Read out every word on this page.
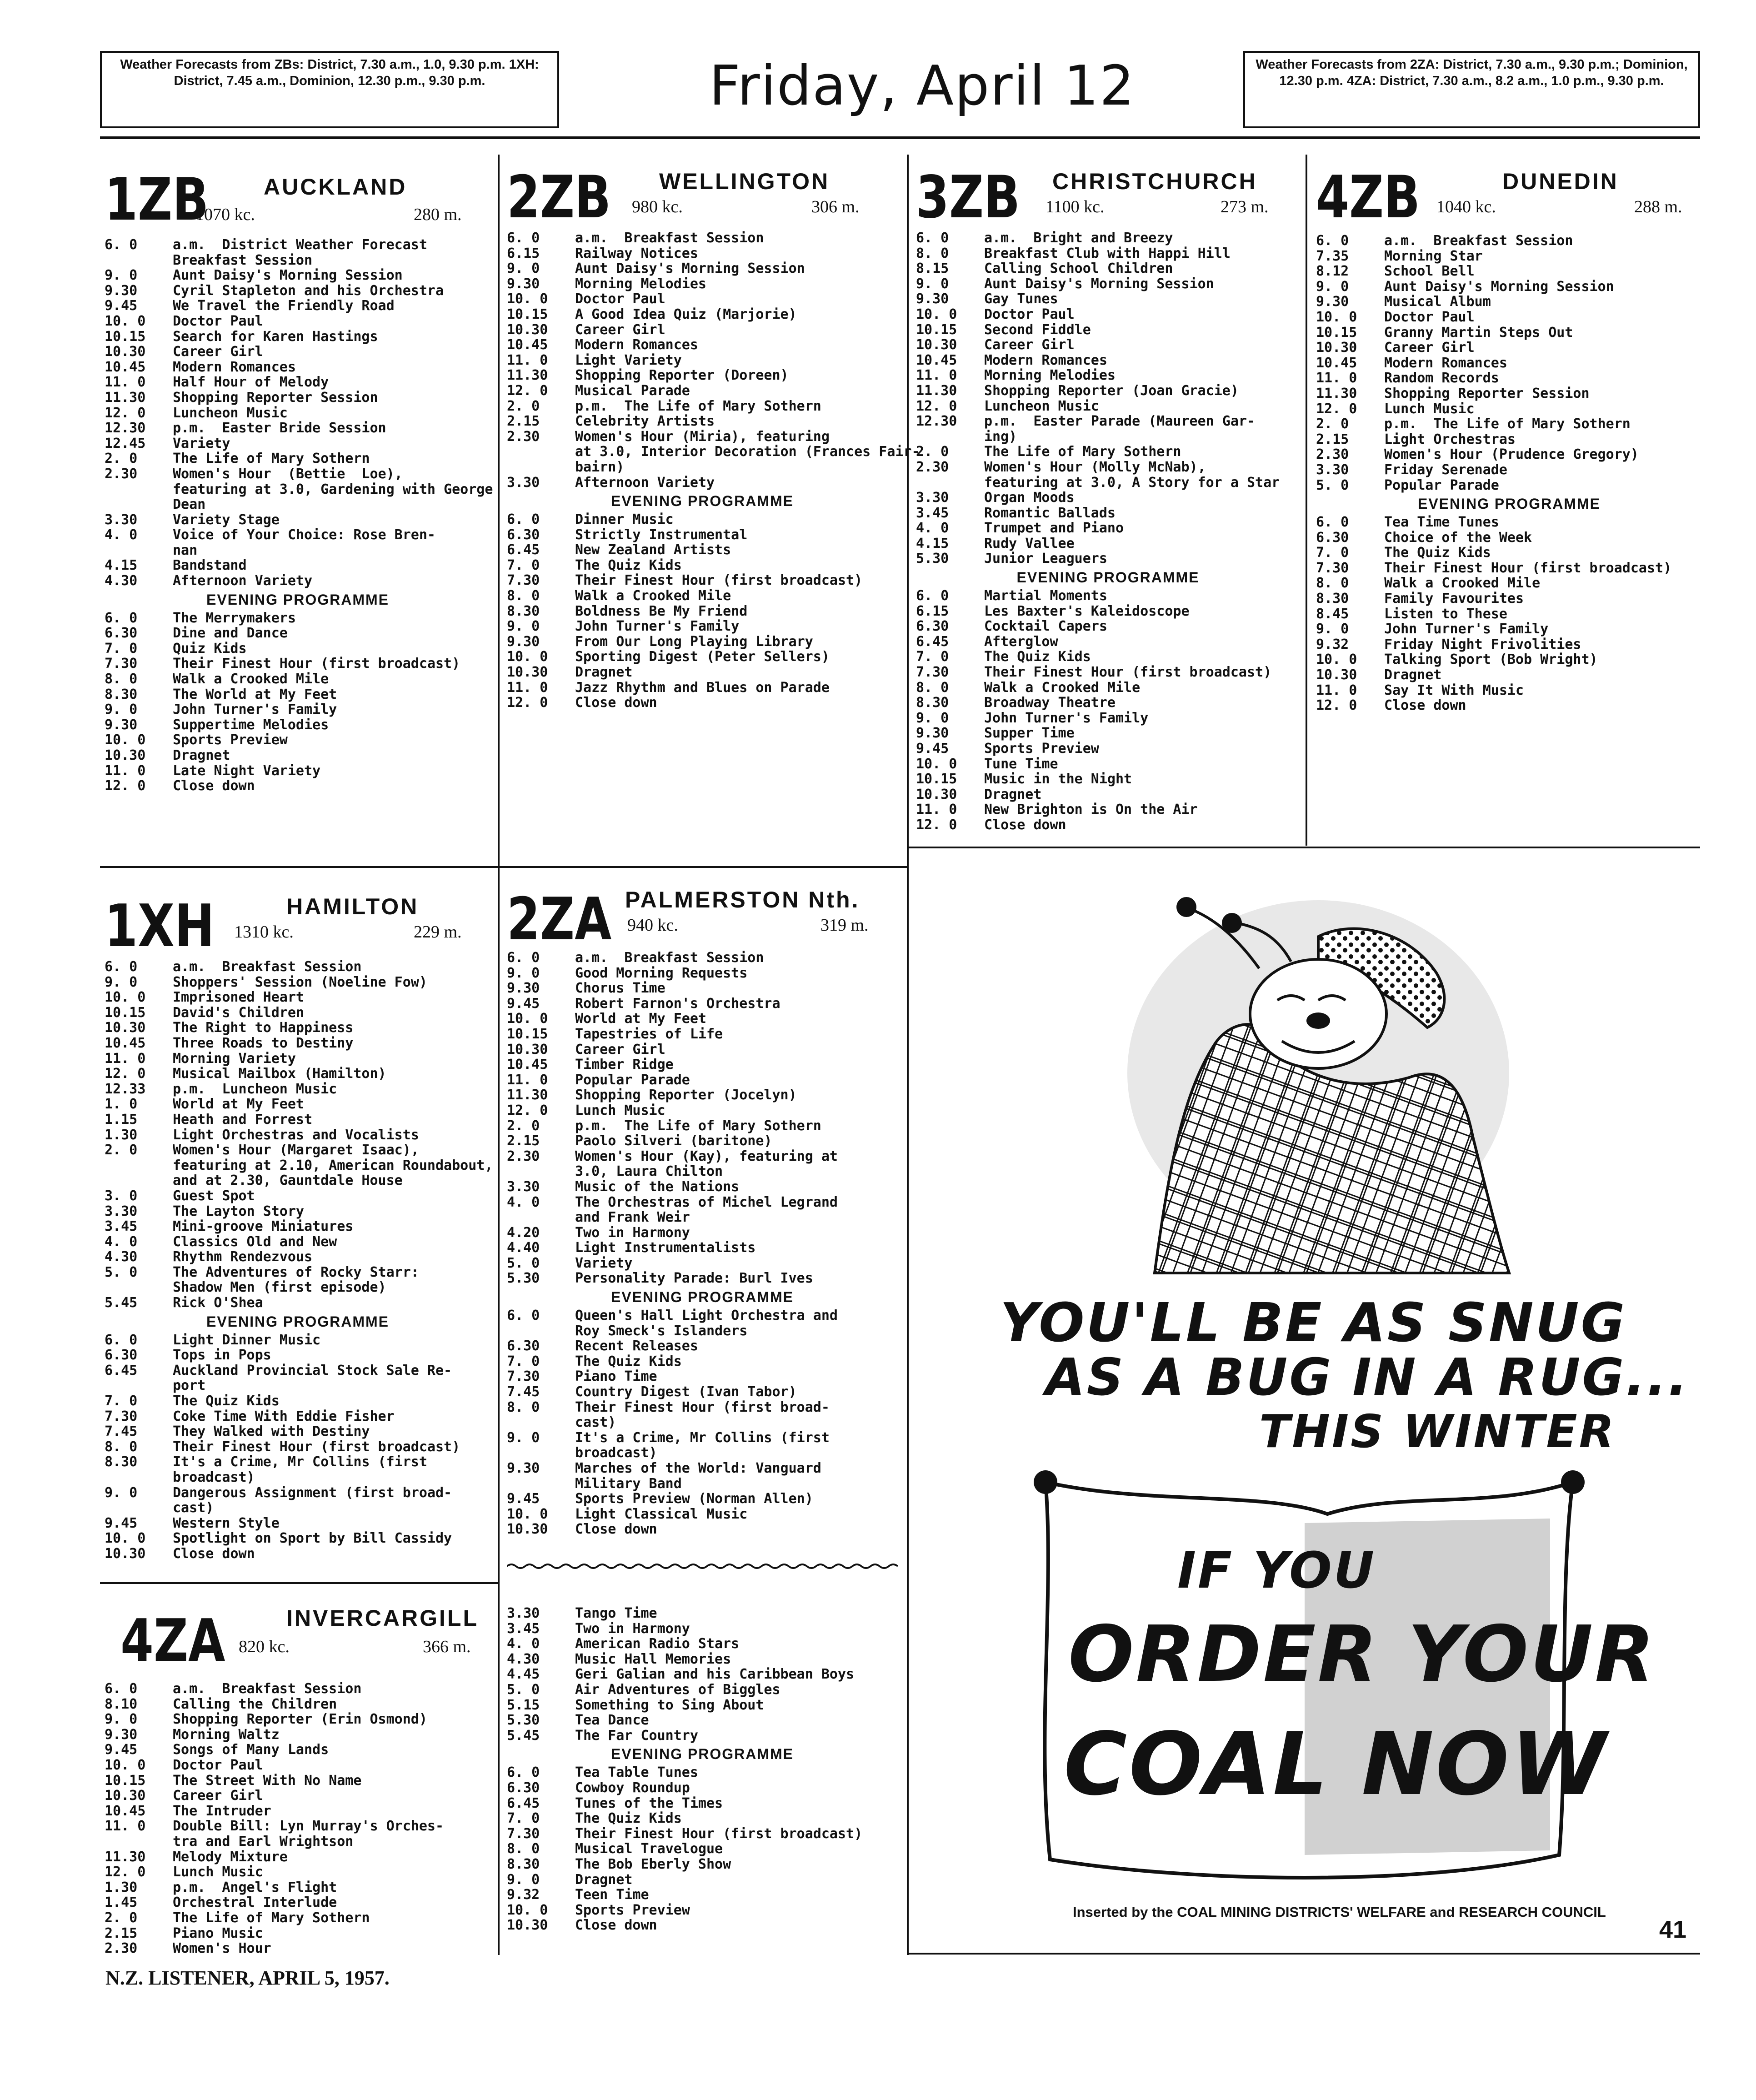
Weather Forecasts from ZBs: District, 7.30 a.m., 1.0, 9.30 p.m. 1XH: District, 7.45 a.m., Dominion, 12.30 p.m., 9.30 p.m.	Friday, April 12	Weather Forecasts from 2ZA: District, 7.30 a.m., 9.30 p.m.; Dominion, 12.30 p.m. 4ZA: District, 7.30 a.m., 8.2 a.m., 1.0 p.m., 9.30 p.m.
1ZB AUCKLAND
1070 kc.	280 m.
6. 0	a.m.  District Weather Forecast
Breakfast Session
9. 0	Aunt Daisy's Morning Session
9.30	Cyril Stapleton and his Orchestra
9.45	We Travel the Friendly Road
10. 0 Doctor Paul
10.15 Search for Karen Hastings
10.30 Career Girl
10.45 Modern Romances
11. 0 Half Hour of Melody
11.30 Shopping Reporter Session
12. 0 Luncheon Music
12.30 p.m.  Easter Bride Session
12.45 Variety
2. 0	The Life of Mary Sothern
2.30	Women's Hour  (Bettie  Loe),
featuring at 3.0, Gardening with George
Dean
3.30	Variety Stage
4. 0	Voice of Your Choice: Rose Bren-
nan
4.15	Bandstand
4.30	Afternoon Variety
EVENING PROGRAMME
6. 0	The Merrymakers
6.30	Dine and Dance
7. 0	Quiz Kids
7.30	Their Finest Hour (first broadcast)
8. 0	Walk a Crooked Mile
8.30	The World at My Feet
9. 0	John Turner's Family
9.30	Suppertime Melodies
10. 0 Sports Preview
10.30 Dragnet
11. 0 Late Night Variety
12. 0 Close down
2ZB WELLINGTON
980 kc.	306 m.
6. 0	a.m.  Breakfast Session
6.15	Railway Notices
9. 0	Aunt Daisy's Morning Session
9.30	Morning Melodies
10. 0 Doctor Paul
10.15 A Good Idea Quiz (Marjorie)
10.30 Career Girl
10.45 Modern Romances
11. 0 Light Variety
11.30 Shopping Reporter (Doreen)
12. 0 Musical Parade
2. 0	p.m.  The Life of Mary Sothern
2.15	Celebrity Artists
2.30	Women's Hour (Miria), featuring
at 3.0, Interior Decoration (Frances Fair-
bairn)
3.30	Afternoon Variety
EVENING PROGRAMME
6. 0	Dinner Music
6.30	Strictly Instrumental
6.45	New Zealand Artists
7. 0	The Quiz Kids
7.30	Their Finest Hour (first broadcast)
8. 0	Walk a Crooked Mile
8.30	Boldness Be My Friend
9. 0	John Turner's Family
9.30	From Our Long Playing Library
10. 0 Sporting Digest (Peter Sellers)
10.30 Dragnet
11. 0 Jazz Rhythm and Blues on Parade
12. 0 Close down
3ZB CHRISTCHURCH
1100 kc.	273 m.
6. 0	a.m.  Bright and Breezy
8. 0	Breakfast Club with Happi Hill
8.15	Calling School Children
9. 0	Aunt Daisy's Morning Session
9.30	Gay Tunes
10. 0 Doctor Paul
10.15 Second Fiddle
10.30 Career Girl
10.45 Modern Romances
11. 0 Morning Melodies
11.30 Shopping Reporter (Joan Gracie)
12. 0 Luncheon Music
12.30 p.m.  Easter Parade (Maureen Gar-
ing)
2. 0	The Life of Mary Sothern
2.30	Women's Hour (Molly McNab),
featuring at 3.0, A Story for a Star
3.30	Organ Moods
3.45	Romantic Ballads
4. 0	Trumpet and Piano
4.15	Rudy Vallee
5.30	Junior Leaguers
EVENING PROGRAMME
6. 0	Martial Moments
6.15	Les Baxter's Kaleidoscope
6.30	Cocktail Capers
6.45	Afterglow
7. 0	The Quiz Kids
7.30	Their Finest Hour (first broadcast)
8. 0	Walk a Crooked Mile
8.30	Broadway Theatre
9. 0	John Turner's Family
9.30	Supper Time
9.45	Sports Preview
10. 0 Tune Time
10.15 Music in the Night
10.30 Dragnet
11. 0 New Brighton is On the Air
12. 0 Close down
4ZB	DUNEDIN
1040 kc.	288 m.
6. 0	a.m.  Breakfast Session
7.35	Morning Star
8.12	School Bell
9. 0	Aunt Daisy's Morning Session
9.30	Musical Album
10. 0 Doctor Paul
10.15 Granny Martin Steps Out
10.30 Career Girl
10.45 Modern Romances
11. 0 Random Records
11.30 Shopping Reporter Session
12. 0 Lunch Music
2. 0	p.m.  The Life of Mary Sothern
2.15	Light Orchestras
2.30	Women's Hour (Prudence Gregory)
3.30	Friday Serenade
5. 0	Popular Parade
EVENING PROGRAMME
6. 0	Tea Time Tunes
6.30	Choice of the Week
7. 0	The Quiz Kids
7.30	Their Finest Hour (first broadcast)
8. 0	Walk a Crooked Mile
8.30	Family Favourites
8.45	Listen to These
9. 0	John Turner's Family
9.32	Friday Night Frivolities
10. 0 Talking Sport (Bob Wright)
10.30 Dragnet
11. 0 Say It With Music
12. 0 Close down
1XH	HAMILTON
1310 kc.	229 m.
6. 0	a.m.  Breakfast Session
9. 0	Shoppers' Session (Noeline Fow)
10. 0 Imprisoned Heart
10.15 David's Children
10.30 The Right to Happiness
10.45 Three Roads to Destiny
11. 0 Morning Variety
12. 0 Musical Mailbox (Hamilton)
12.33 p.m.  Luncheon Music
1. 0	World at My Feet
1.15	Heath and Forrest
1.30	Light Orchestras and Vocalists
2. 0	Women's Hour (Margaret Isaac),
featuring at 2.10, American Roundabout,
and at 2.30, Gauntdale House
3. 0	Guest Spot
3.30	The Layton Story
3.45	Mini-groove Miniatures
4. 0	Classics Old and New
4.30	Rhythm Rendezvous
5. 0	The Adventures of Rocky Starr:
Shadow Men (first episode)
5.45	Rick O'Shea
EVENING PROGRAMME
6. 0	Light Dinner Music
6.30	Tops in Pops
6.45	Auckland Provincial Stock Sale Re-
port
7. 0	The Quiz Kids
7.30	Coke Time With Eddie Fisher
7.45	They Walked with Destiny
8. 0	Their Finest Hour (first broadcast)
8.30	It's a Crime, Mr Collins (first
broadcast)
9. 0	Dangerous Assignment (first broad-
cast)
9.45	Western Style
10. 0 Spotlight on Sport by Bill Cassidy
10.30 Close down
2ZA PALMERSTON Nth.
940 kc.	319 m.
6. 0	a.m.  Breakfast Session
9. 0	Good Morning Requests
9.30	Chorus Time
9.45	Robert Farnon's Orchestra
10. 0 World at My Feet
10.15 Tapestries of Life
10.30 Career Girl
10.45 Timber Ridge
11. 0 Popular Parade
11.30 Shopping Reporter (Jocelyn)
12. 0 Lunch Music
2. 0	p.m.  The Life of Mary Sothern
2.15	Paolo Silveri (baritone)
2.30	Women's Hour (Kay), featuring at
3.0, Laura Chilton
3.30	Music of the Nations
4. 0	The Orchestras of Michel Legrand
and Frank Weir
4.20	Two in Harmony
4.40	Light Instrumentalists
5. 0	Variety
5.30	Personality Parade: Burl Ives
EVENING PROGRAMME
6. 0	Queen's Hall Light Orchestra and
Roy Smeck's Islanders
6.30	Recent Releases
7. 0	The Quiz Kids
7.30	Piano Time
7.45	Country Digest (Ivan Tabor)
8. 0	Their Finest Hour (first broad-
cast)
9. 0	It's a Crime, Mr Collins (first
broadcast)
9.30	Marches of the World: Vanguard
Military Band
9.45	Sports Preview (Norman Allen)
10. 0 Light Classical Music
10.30 Close down
4ZA	INVERCARGILL
820 kc.	366 m.
6. 0	a.m.  Breakfast Session
8.10	Calling the Children
9. 0	Shopping Reporter (Erin Osmond)
9.30	Morning Waltz
9.45	Songs of Many Lands
10. 0 Doctor Paul
10.15 The Street With No Name
10.30 Career Girl
10.45 The Intruder
11. 0 Double Bill: Lyn Murray's Orches-
tra and Earl Wrightson
11.30 Melody Mixture
12. 0 Lunch Music
1.30	p.m.  Angel's Flight
1.45	Orchestral Interlude
2. 0	The Life of Mary Sothern
2.15	Piano Music
2.30	Women's Hour
3.30	Tango Time
3.45	Two in Harmony
4. 0	American Radio Stars
4.30	Music Hall Memories
4.45	Geri Galian and his Caribbean Boys
5. 0	Air Adventures of Biggles
5.15	Something to Sing About
5.30	Tea Dance
5.45	The Far Country
EVENING PROGRAMME
6. 0	Tea Table Tunes
6.30	Cowboy Roundup
6.45	Tunes of the Times
7. 0	The Quiz Kids
7.30	Their Finest Hour (first broadcast)
8. 0	Musical Travelogue
8.30	The Bob Eberly Show
9. 0	Dragnet
9.32	Teen Time
10. 0 Sports Preview
10.30 Close down
YOU'LL BE AS SNUG
AS A BUG IN A RUG...
THIS WINTER
IF YOU
ORDER YOUR
COAL NOW
Inserted by the COAL MINING DISTRICTS' WELFARE and RESEARCH COUNCIL
N.Z. LISTENER, APRIL 5, 1957.
41
